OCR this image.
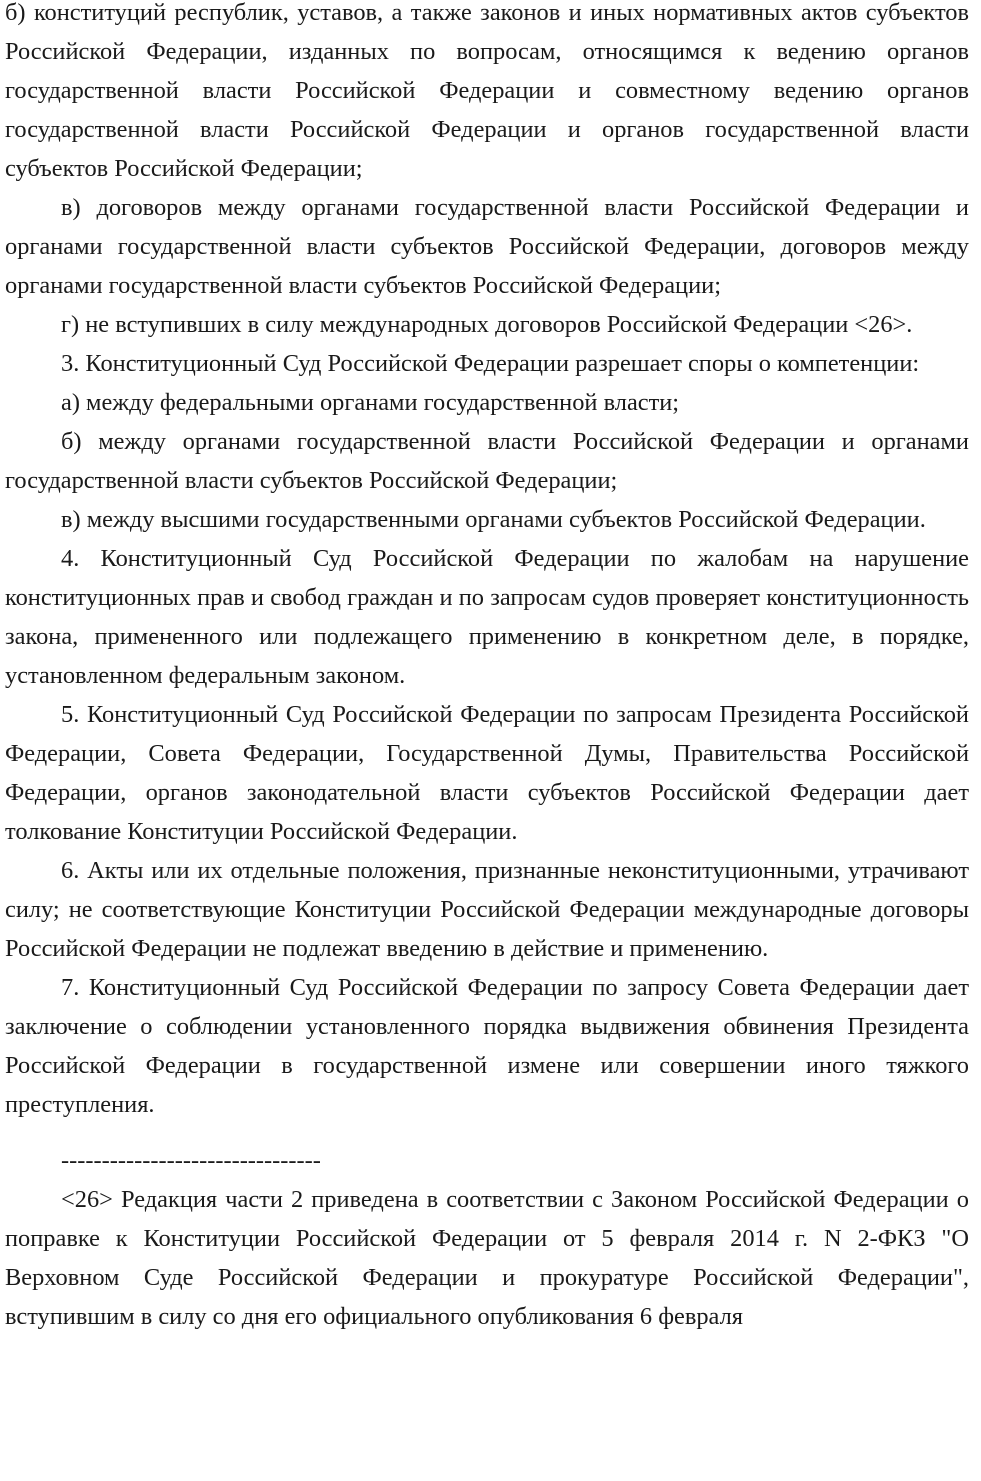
б) конституций республик, уставов, а также законов и иных нормативных актов субъектов Российской Федерации, изданных по вопросам, относящимся к ведению органов государственной власти Российской Федерации и совместному ведению органов государственной власти Российской Федерации и органов государственной власти субъектов Российской Федерации;

в) договоров между органами государственной власти Российской Федерации и органами государственной власти субъектов Российской Федерации, договоров между органами государственной власти субъектов Российской Федерации;

г) не вступивших в силу международных договоров Российской Федерации <26>.

3. Конституционный Суд Российской Федерации разрешает споры о компетенции:

а) между федеральными органами государственной власти;

б) между органами государственной власти Российской Федерации и органами государственной власти субъектов Российской Федерации;

в) между высшими государственными органами субъектов Российской Федерации.

4. Конституционный Суд Российской Федерации по жалобам на нарушение конституционных прав и свобод граждан и по запросам судов проверяет конституционность закона, примененного или подлежащего применению в конкретном деле, в порядке, установленном федеральным законом.

5. Конституционный Суд Российской Федерации по запросам Президента Российской Федерации, Совета Федерации, Государственной Думы, Правительства Российской Федерации, органов законодательной власти субъектов Российской Федерации дает толкование Конституции Российской Федерации.

6. Акты или их отдельные положения, признанные неконституционными, утрачивают силу; не соответствующие Конституции Российской Федерации международные договоры Российской Федерации не подлежат введению в действие и применению.

7. Конституционный Суд Российской Федерации по запросу Совета Федерации дает заключение о соблюдении установленного порядка выдвижения обвинения Президента Российской Федерации в государственной измене или совершении иного тяжкого преступления.

--------------------------------

<26> Редакция части 2 приведена в соответствии с Законом Российской Федерации о поправке к Конституции Российской Федерации от 5 февраля 2014 г. N 2-ФКЗ "О Верховном Суде Российской Федерации и прокуратуре Российской Федерации", вступившим в силу со дня его официального опубликования 6 февраля
